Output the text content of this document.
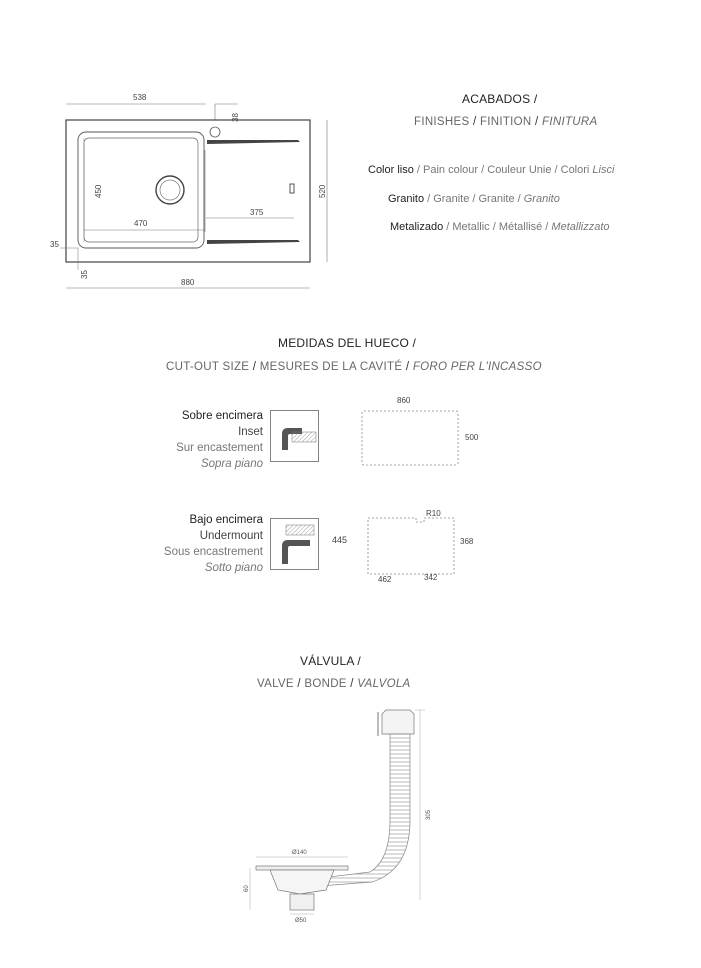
538
38
520
450
470
375
35
35
880
ACABADOS /
FINISHES / FINITION / FINITURA
Color liso / Pain colour / Couleur Unie / Colori Lisci
Granito / Granite / Granite / Granito
Metalizado / Metallic / Métallisé / Metallizzato
MEDIDAS DEL HUECO /
CUT-OUT SIZE / MESURES DE LA CAVITÉ / FORO PER L'INCASSO
Sobre encimera
Inset
Sur encastement
Sopra piano
860
500
Bajo encimera
Undermount
Sous encastrement
Sotto piano
445
R10
368
462	342
VÁLVULA /
VALVE / BONDE / VALVOLA
305
Ø140
60
Ø50
